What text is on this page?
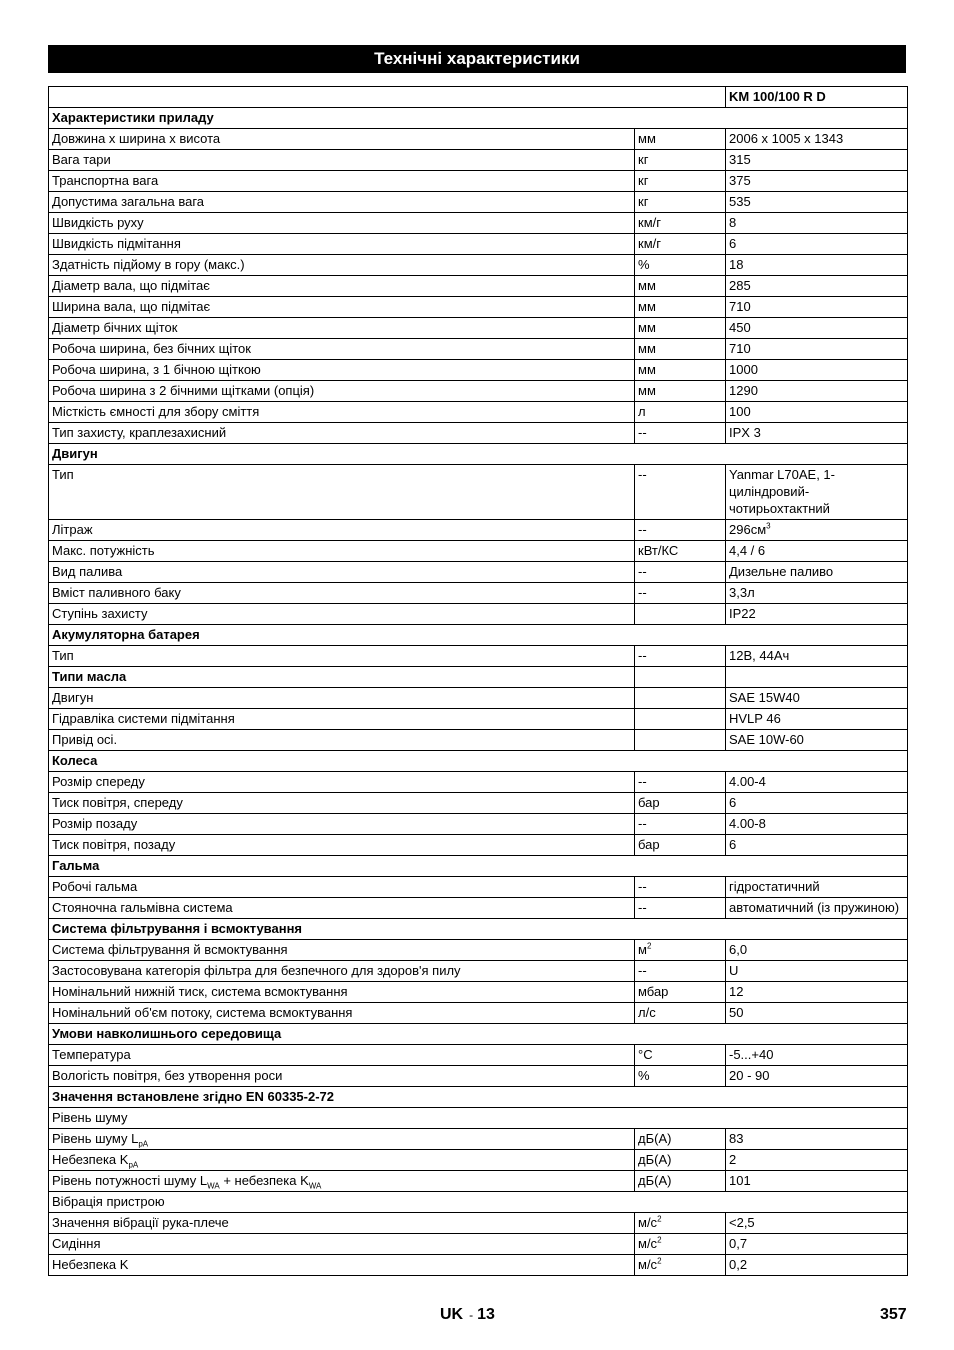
Технічні характеристики
		KM 100/100 R D
Характеристики приладу		
Довжина х ширина х висота	мм	2006 x 1005 x 1343
Вага тари	кг	315
Транспортна вага	кг	375
Допустима загальна вага	кг	535
Швидкість руху	км/г	8
Швидкість підмітання	км/г	6
Здатність підйому в гору (макс.)	%	18
Діаметр вала, що підмітає	мм	285
Ширина вала, що підмітає	мм	710
Діаметр бічних щіток	мм	450
Робоча ширина, без бічних щіток	мм	710
Робоча ширина, з 1 бічною щіткою	мм	1000
Робоча ширина з 2 бічними щітками (опція)	мм	1290
Місткість ємності для збору сміття	л	100
Тип захисту, краплезахисний	--	IPX 3
Двигун		
Тип	--	Yanmar L70AE, 1-циліндровий-чотирьохтактний
Літраж	--	$296см^3$
Макс. потужність	кВт/КС	4,4 / 6
Вид палива	--	Дизельне паливо
Вміст паливного баку	--	3,3л
Ступінь захисту		IP22
Акумуляторна батарея		
Тип	--	12В, 44Ач
Типи масла		
Двигун		SAE 15W40
Гідравліка системи підмітання		HVLP 46
Привід осі.		SAE 10W-60
Колеса		
Розмір спереду	--	4.00-4
Тиск повітря, спереду	бар	6
Розмір позаду	--	4.00-8
Тиск повітря, позаду	бар	6
Гальма		
Робочі гальма	--	гідростатичний
Стояночна гальмівна система	--	автоматичний (із пружиною)
Система фільтрування і всмоктування		
Система фільтрування й всмоктування	$м^2$	6,0
Застосовувана категорія фільтра для безпечного для здоров'я пилу	--	U
Номінальний нижній тиск, система всмоктування	мбар	12
Номінальний об'єм потоку, система всмоктування	л/с	50
Умови навколишнього середовища		
Температура	°C	-5...+40
Вологість повітря, без утворення роси	%	20 - 90
Значення встановлене згідно EN 60335-2-72		
Рівень шуму		
Рівень шуму $L_{pA}$	дБ(A)	83
Небезпека $K_{pA}$	дБ(A)	2
Рівень потужності шуму $L_{WA}$ + небезпека $K_{WA}$	дБ(A)	101
Вібрація пристрою		
Значення вібрації рука-плече	$м/с^2$	<2,5
Сидіння	$м/с^2$	0,7
Небезпека K	$м/с^2$	0,2
UK - 13	357
